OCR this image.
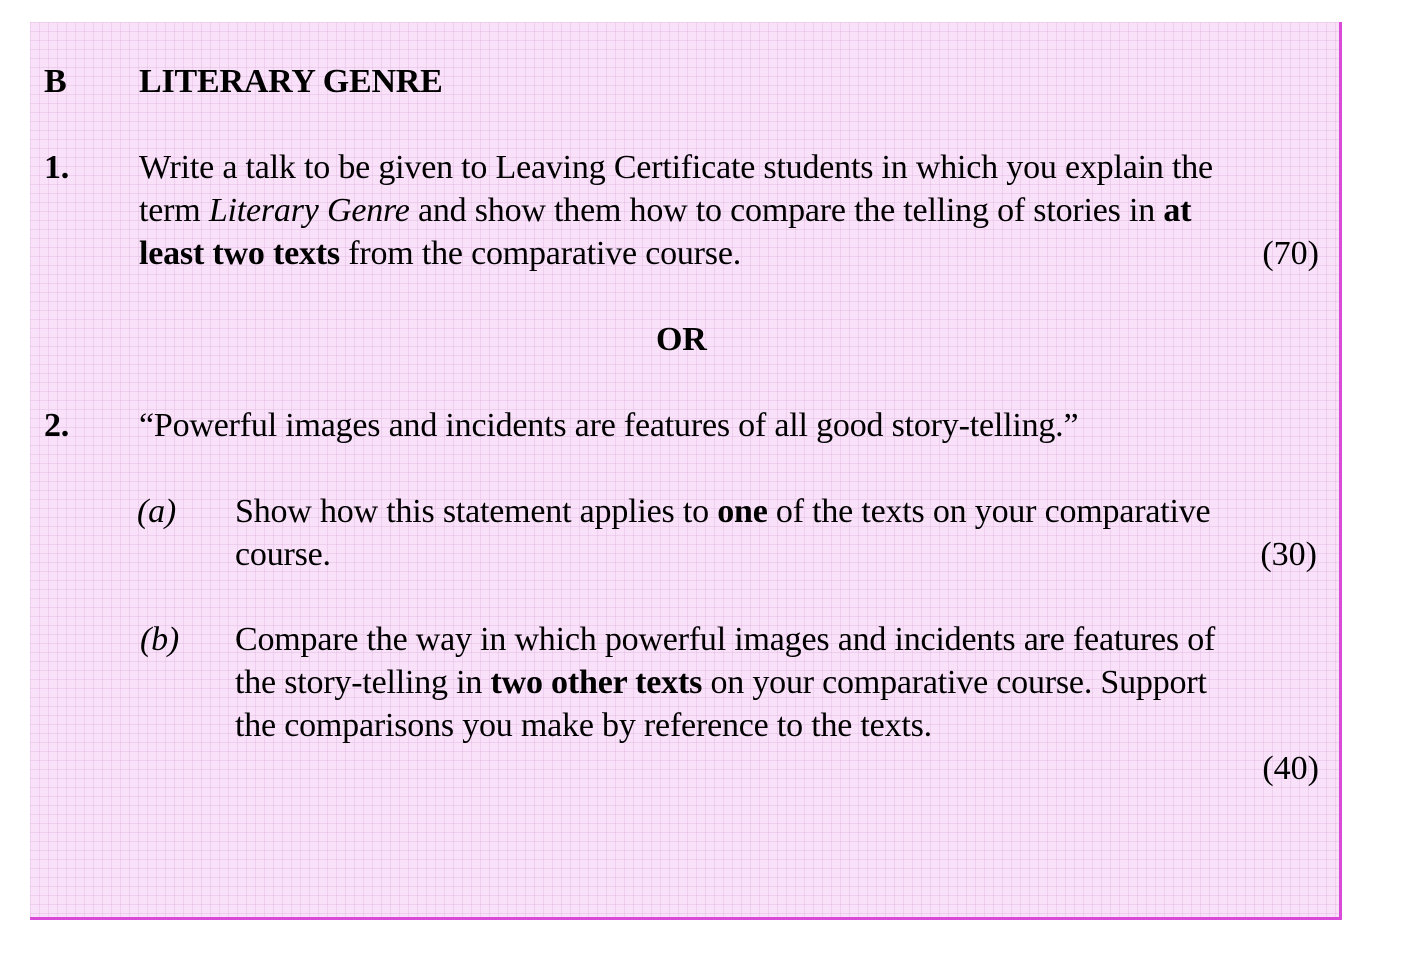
B LITERARY GENRE
1. Write a talk to be given to Leaving Certificate students in which you explain the
term Literary Genre and show them how to compare the telling of stories in at
least two texts from the comparative course.	(70)
OR
2. “Powerful images and incidents are features of all good story-telling.”
(a) Show how this statement applies to one of the texts on your comparative
course.	(30)
(b) Compare the way in which powerful images and incidents are features of
the story-telling in two other texts on your comparative course. Support
the comparisons you make by reference to the texts.
(40)
